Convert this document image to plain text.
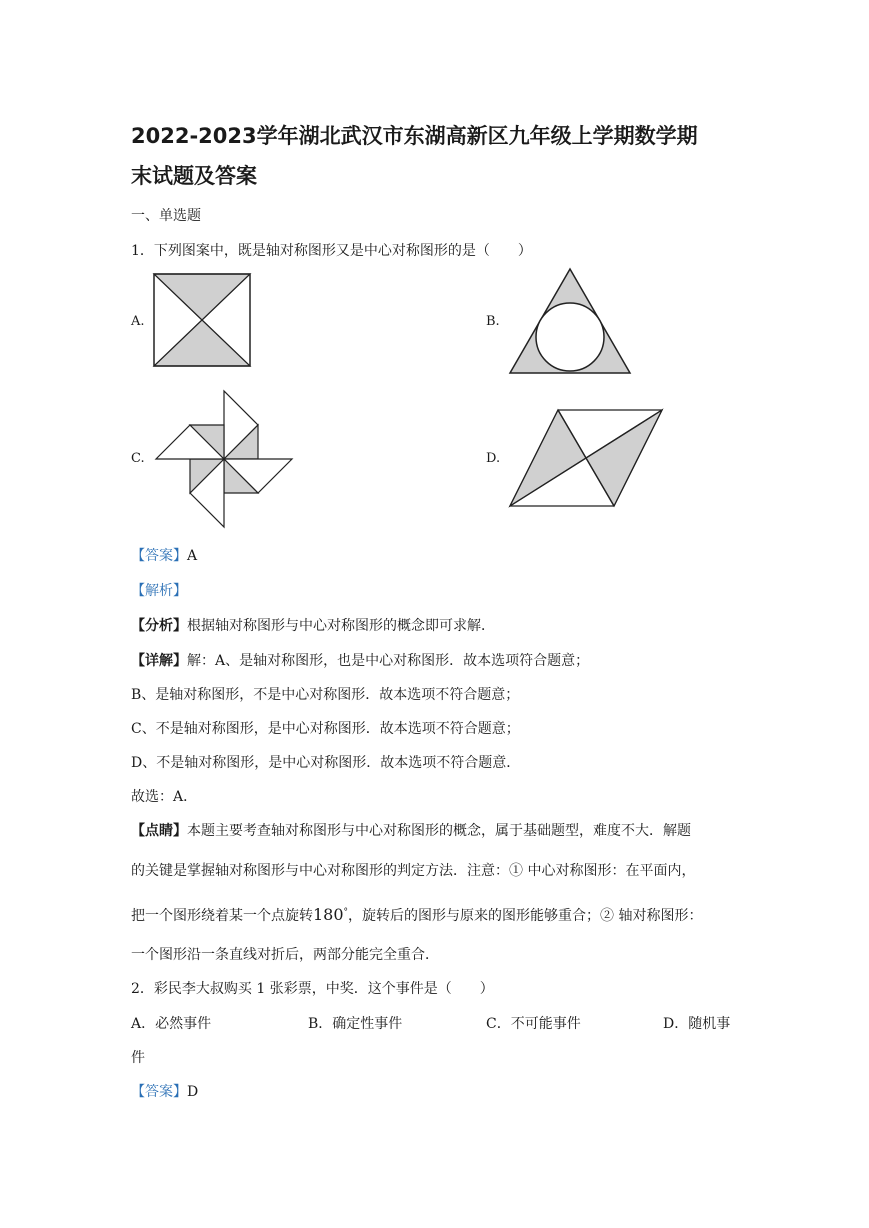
2022-2023学年湖北武汉市东湖高新区九年级上学期数学期
末试题及答案
一、单选题
1．下列图案中，既是轴对称图形又是中心对称图形的是（　　）
A.	B.
C.	D.
【答案】A
【解析】
【分析】根据轴对称图形与中心对称图形的概念即可求解．
【详解】解：A、是轴对称图形，也是中心对称图形．故本选项符合题意；
B、是轴对称图形，不是中心对称图形．故本选项不符合题意；
C、不是轴对称图形，是中心对称图形．故本选项不符合题意；
D、不是轴对称图形，是中心对称图形．故本选项不符合题意．
故选：A．
【点睛】本题主要考查轴对称图形与中心对称图形的概念，属于基础题型，难度不大．解题
的关键是掌握轴对称图形与中心对称图形的判定方法．注意：① 中心对称图形：在平面内，
把一个图形绕着某一个点旋转180°，旋转后的图形与原来的图形能够重合；② 轴对称图形：
一个图形沿一条直线对折后，两部分能完全重合．
2．彩民李大叔购买 1 张彩票，中奖．这个事件是（　　）
A．必然事件	B．确定性事件	C．不可能事件	D．随机事
件
【答案】D
